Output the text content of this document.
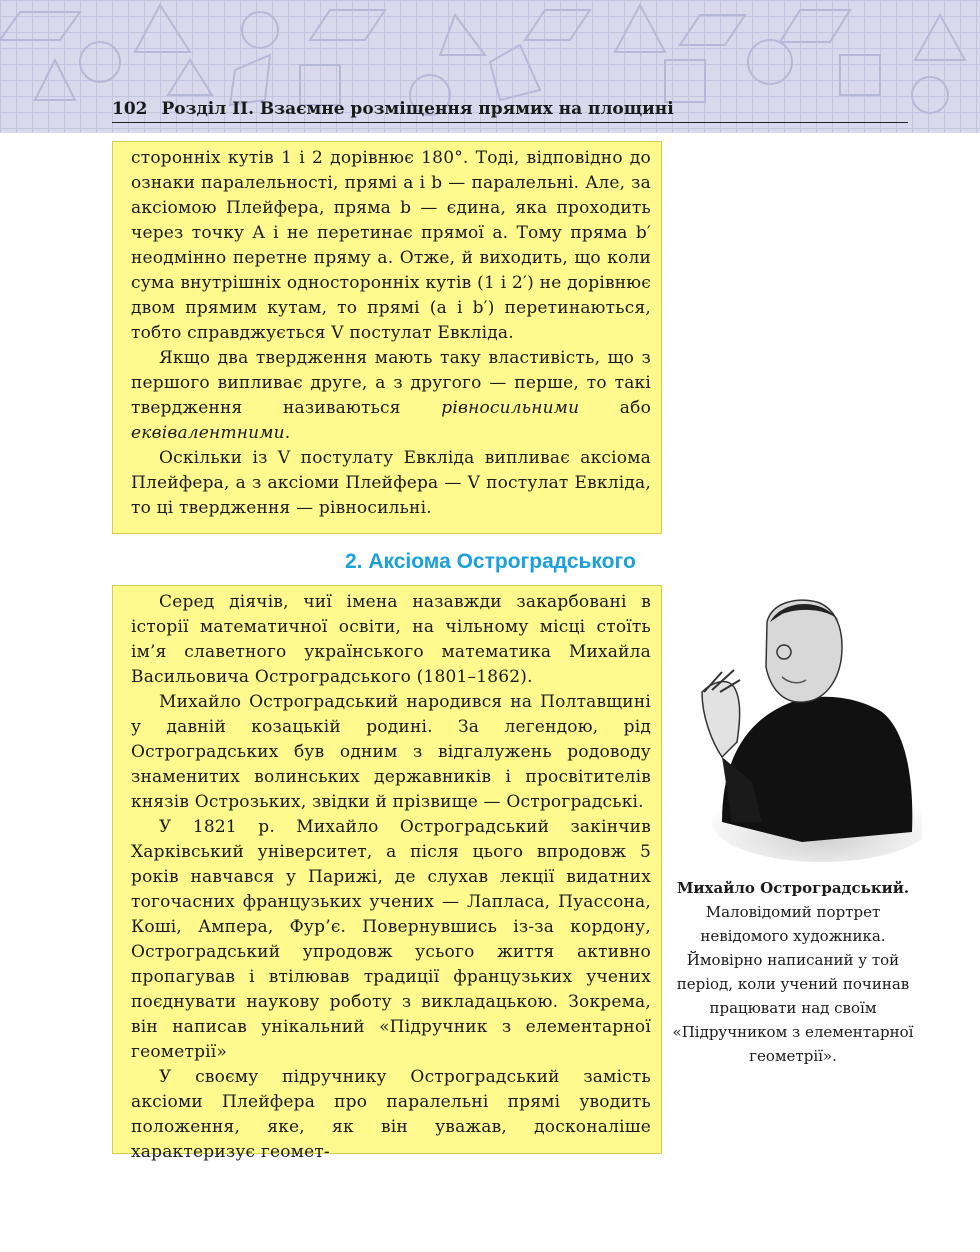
102 Розділ ІІ. Взаємне розміщення прямих на площині

сторонніх кутів 1 і 2 дорівнює 180°. Тоді, відповідно до ознаки паралельності, прямі a і b — паралельні. Але, за аксіомою Плейфера, пряма b — єдина, яка проходить через точку A і не перетинає прямої a. Тому пряма b′ неодмінно перетне пряму a. Отже, й виходить, що коли сума внутрішніх односторонніх кутів (1 і 2′) не дорівнює двом прямим кутам, то прямі (a і b′) перетинаються, тобто справджується V постулат Евкліда.

Якщо два твердження мають таку властивість, що з першого випливає друге, а з другого — перше, то такі твердження називаються рівносильними або еквівалентними.

Оскільки із V постулату Евкліда випливає аксіома Плейфера, а з аксіоми Плейфера — V постулат Евкліда, то ці твердження — рівносильні.

2. Аксіома Остроградського

Серед діячів, чиї імена назавжди закарбовані в історії математичної освіти, на чільному місці стоїть ім’я славетного українського математика Михайла Васильовича Остроградського (1801–1862).

Михайло Остроградський народився на Полтавщині у давній козацькій родині. За легендою, рід Остроградських був одним з відгалужень родоводу знаменитих волинських державників і просвітителів князів Острозьких, звідки й прізвище — Остроградські.

У 1821 р. Михайло Остроградський закінчив Харківський університет, а після цього впродовж 5 років навчався у Парижі, де слухав лекції видатних тогочасних французьких учених — Лапласа, Пуассона, Коші, Ампера, Фур’є. Повернувшись із-за кордону, Остроградський упродовж усього життя активно пропагував і втілював традиції французьких учених поєднувати наукову роботу з викладацькою. Зокрема, він написав унікальний «Підручник з елементарної геометрії»

У своєму підручнику Остроградський замість аксіоми Плейфера про паралельні прямі уводить положення, яке, як він уважав, досконаліше характеризує геомет-

Михайло Остроградський.
Маловідомий портрет невідомого художника. Ймовірно написаний у той період, коли учений починав працювати над своїм «Підручником з елементарної геометрії».
